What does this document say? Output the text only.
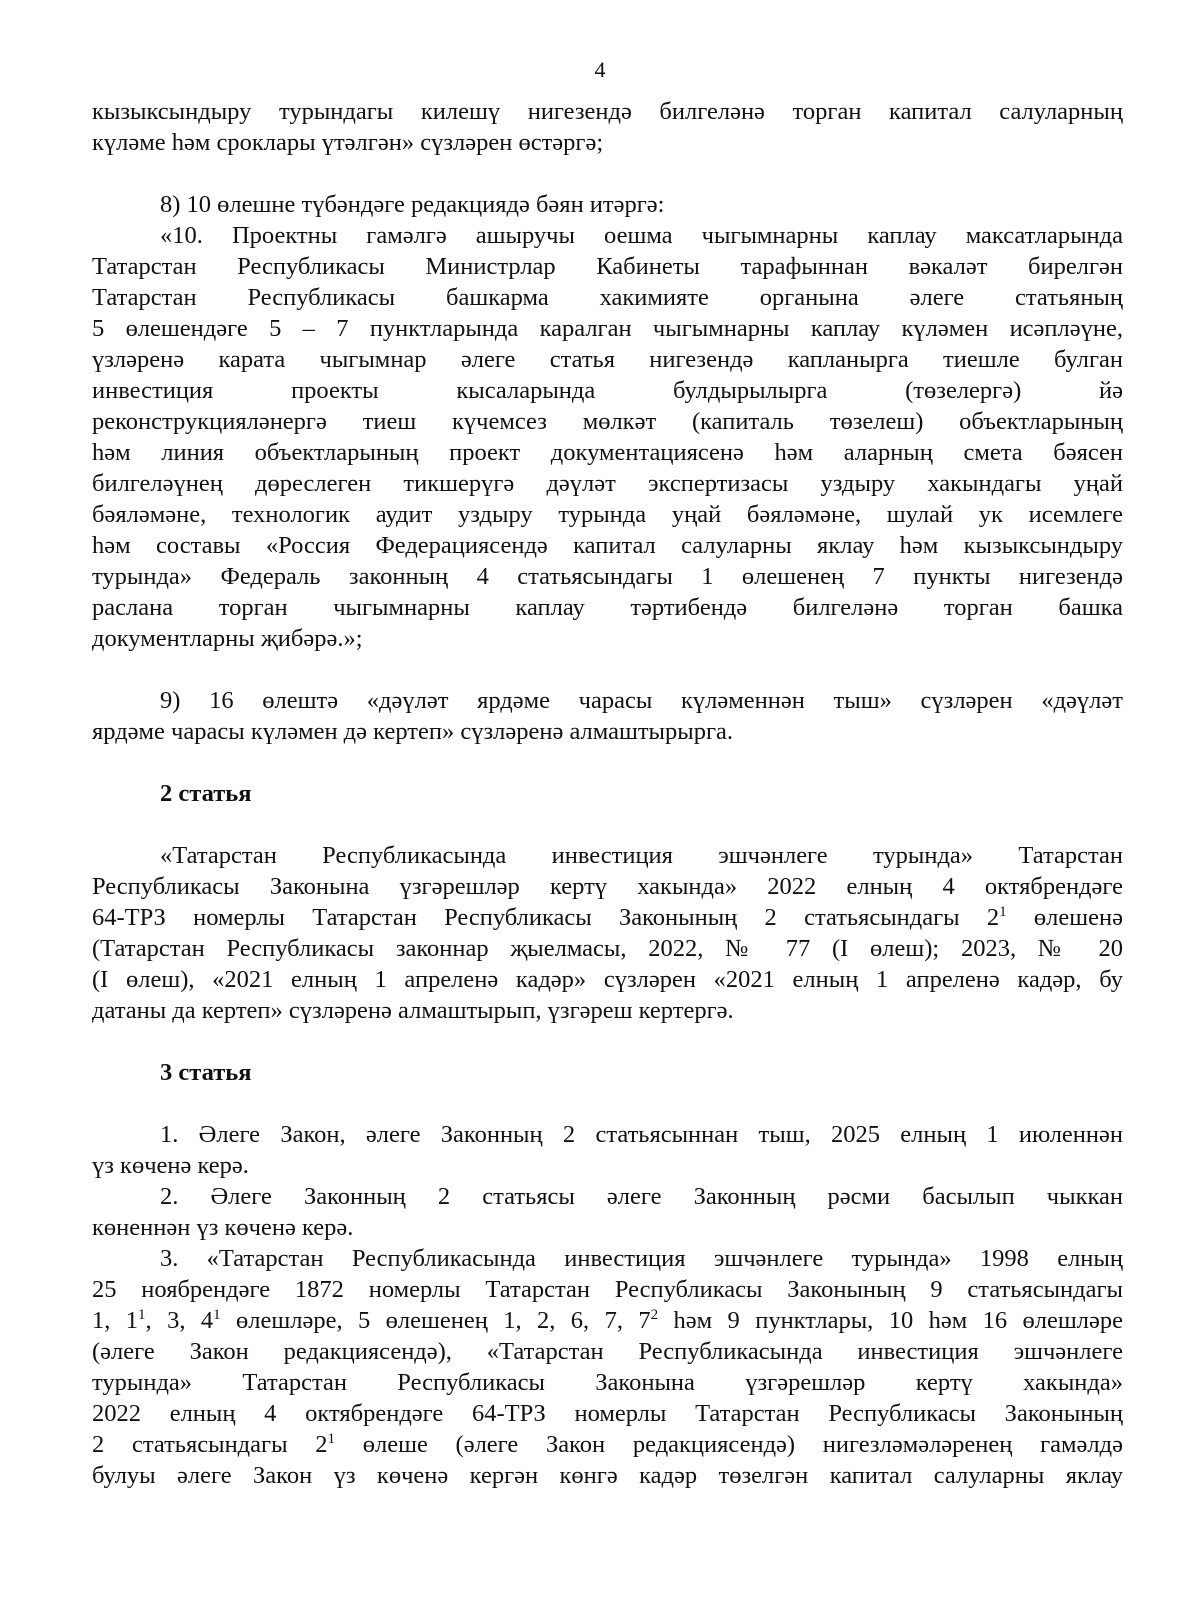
4

кызыксындыру турындагы килешү нигезендә билгеләнә торган капитал салуларның

күләме һәм сроклары үтәлгән» сүзләрен өстәргә;

8) 10 өлешне түбәндәге редакциядә бәян итәргә:

«10. Проектны гамәлгә ашыручы оешма чыгымнарны каплау максатларында

Татарстан Республикасы Министрлар Кабинеты тарафыннан вәкаләт бирелгән

Татарстан Республикасы башкарма хакимияте органына әлеге статьяның

5 өлешендәге 5 – 7 пунктларында каралган чыгымнарны каплау күләмен исәпләүне,

үзләренә карата чыгымнар әлеге статья нигезендә капланырга тиешле булган

инвестиция проекты кысаларында булдырылырга (төзелергә) йә

реконструкцияләнергә тиеш күчемсез мөлкәт (капиталь төзелеш) объектларының

һәм линия объектларының проект документациясенә һәм аларның смета бәясен

билгеләүнең дөреслеген тикшерүгә дәүләт экспертизасы уздыру хакындагы уңай

бәяләмәне, технологик аудит уздыру турында уңай бәяләмәне, шулай ук исемлеге

һәм составы «Россия Федерациясендә капитал салуларны яклау һәм кызыксындыру

турында» Федераль законның 4 статьясындагы 1 өлешенең 7 пункты нигезендә

раслана торган чыгымнарны каплау тәртибендә билгеләнә торган башка

документларны җибәрә.»;

9) 16 өлештә «дәүләт ярдәме чарасы күләменнән тыш» сүзләрен «дәүләт

ярдәме чарасы күләмен дә кертеп» сүзләренә алмаштырырга.

2 статья

«Татарстан Республикасында инвестиция эшчәнлеге турында» Татарстан

Республикасы Законына үзгәрешләр кертү хакында» 2022 елның 4 октябрендәге

64-ТРЗ номерлы Татарстан Республикасы Законының 2 статьясындагы $2^1$ өлешенә

(Татарстан Республикасы законнар җыелмасы, 2022, № 77 (I өлеш); 2023, № 20

(I өлеш), «2021 елның 1 апреленә кадәр» сүзләрен «2021 елның 1 апреленә кадәр, бу

датаны да кертеп» сүзләренә алмаштырып, үзгәреш кертергә.

3 статья

1. Әлеге Закон, әлеге Законның 2 статьясыннан тыш, 2025 елның 1 июленнән

үз көченә керә.

2. Әлеге Законның 2 статьясы әлеге Законның рәсми басылып чыккан

көненнән үз көченә керә.

3. «Татарстан Республикасында инвестиция эшчәнлеге турында» 1998 елның

25 ноябрендәге 1872 номерлы Татарстан Республикасы Законының 9 статьясындагы

1, $1^1$, 3, $4^1$ өлешләре, 5 өлешенең 1, 2, 6, 7, $7^2$ һәм 9 пунктлары, 10 һәм 16 өлешләре

(әлеге Закон редакциясендә), «Татарстан Республикасында инвестиция эшчәнлеге

турында» Татарстан Республикасы Законына үзгәрешләр кертү хакында»

2022 елның 4 октябрендәге 64-ТРЗ номерлы Татарстан Республикасы Законының

2 статьясындагы $2^1$ өлеше (әлеге Закон редакциясендә) нигезләмәләренең гамәлдә

булуы әлеге Закон үз көченә кергән көнгә кадәр төзелгән капитал салуларны яклау
